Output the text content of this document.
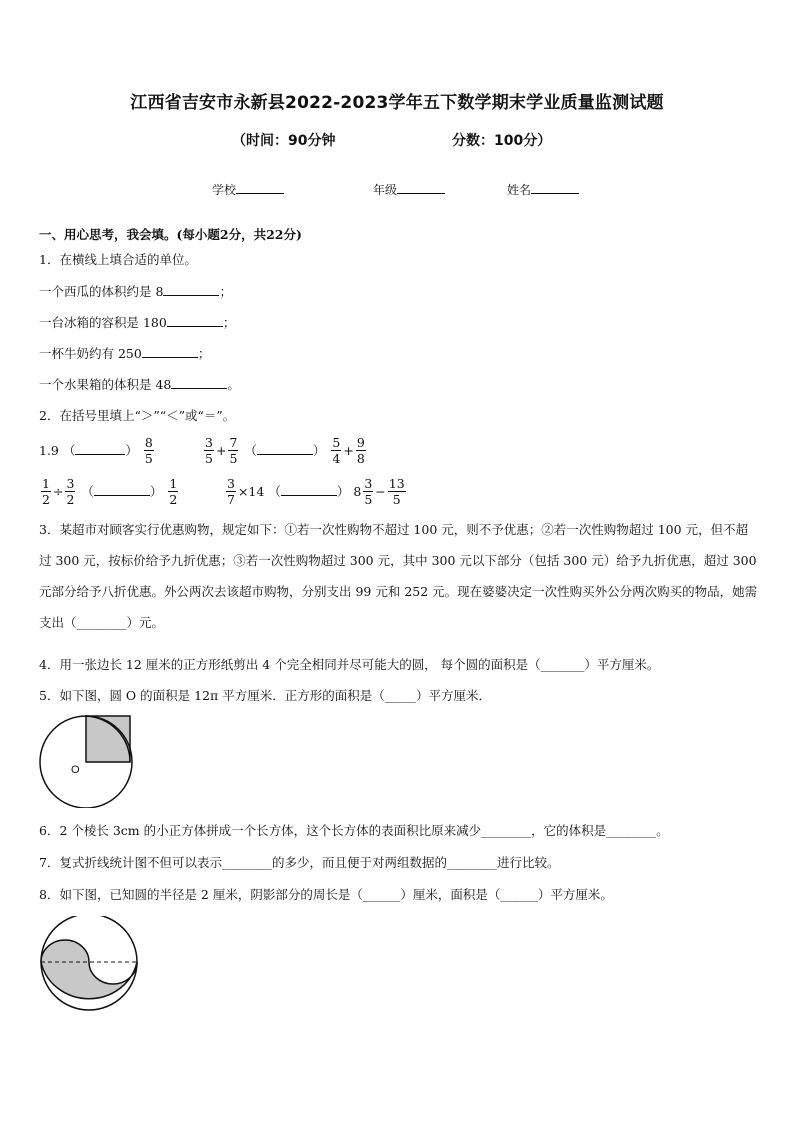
江西省吉安市永新县2022-2023学年五下数学期末学业质量监测试题
（时间：90分钟	分数：100分）
学校	年级	姓名
一、用心思考，我会填。(每小题2分，共22分)
1．在横线上填合适的单位。
一个西瓜的体积约是 8	；
一台冰箱的容积是 180	；
一杯牛奶约有 250	；
一个水果箱的体积是 48	。
2．在括号里填上“＞”“＜”或“＝”。
1.9 （	） $\frac{8}{5}$	$\frac{3}{5} + \frac{7}{5}$ （	） $\frac{5}{4} + \frac{9}{8}$
$\frac{1}{2} \div \frac{3}{2}$ （	） $\frac{1}{2}$	$\frac{3}{7} \times 14$ （	） $8 \frac{3}{5} - \frac{13}{5}$
3．某超市对顾客实行优惠购物，规定如下：①若一次性购物不超过 100 元，则不予优惠；②若一次性购物超过 100 元，但不超过 300 元，按标价给予九折优惠；③若一次性购物超过 300 元，其中 300 元以下部分（包括 300 元）给予九折优惠，超过 300 元部分给予八折优惠。外公两次去该超市购物，分别支出 99 元和 252 元。现在婆婆决定一次性购买外公分两次购买的物品，她需支出（________）元。
4．用一张边长 12 厘米的正方形纸剪出 4 个完全相同并尽可能大的圆， 每个圆的面积是（_______）平方厘米。
5．如下图，圆 O 的面积是 12π 平方厘米．正方形的面积是（_____）平方厘米．
O
6．2 个棱长 3cm 的小正方体拼成一个长方体，这个长方体的表面积比原来减少________，它的体积是________。
7．复式折线统计图不但可以表示________的多少，而且便于对两组数据的________进行比较。
8．如下图，已知圆的半径是 2 厘米，阴影部分的周长是（______）厘米，面积是（______）平方厘米。
